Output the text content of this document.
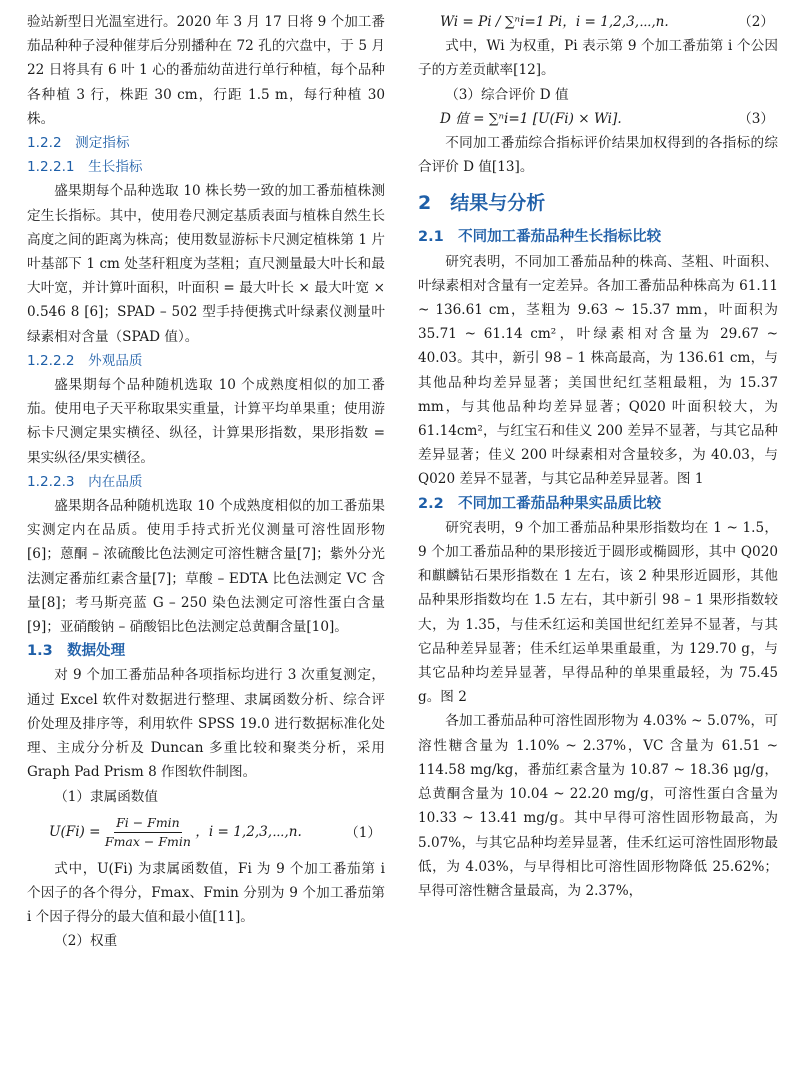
验站新型日光温室进行。2020 年 3 月 17 日将 9 个加工番茄品种种子浸种催芽后分别播种在 72 孔的穴盘中，于 5 月 22 日将具有 6 叶 1 心的番茄幼苗进行单行种植，每个品种各种植 3 行，株距 30 cm，行距 1.5 m，每行种植 30 株。

1.2.2　测定指标

1.2.2.1　生长指标

盛果期每个品种选取 10 株长势一致的加工番茄植株测定生长指标。其中，使用卷尺测定基质表面与植株自然生长高度之间的距离为株高；使用数显游标卡尺测定植株第 1 片叶基部下 1 cm 处茎秆粗度为茎粗；直尺测量最大叶长和最大叶宽，并计算叶面积，叶面积 = 最大叶长 × 最大叶宽 × 0.546 8 [6]；SPAD – 502 型手持便携式叶绿素仪测量叶绿素相对含量（SPAD 值）。

1.2.2.2　外观品质

盛果期每个品种随机选取 10 个成熟度相似的加工番茄。使用电子天平称取果实重量，计算平均单果重；使用游标卡尺测定果实横径、纵径，计算果形指数，果形指数 = 果实纵径/果实横径。

1.2.2.3　内在品质

盛果期各品种随机选取 10 个成熟度相似的加工番茄果实测定内在品质。使用手持式折光仪测量可溶性固形物[6]；蒽酮 – 浓硫酸比色法测定可溶性糖含量[7]；紫外分光法测定番茄红素含量[7]；草酸 – EDTA 比色法测定 VC 含量[8]；考马斯亮蓝 G – 250 染色法测定可溶性蛋白含量[9]；亚硝酸钠 – 硝酸铝比色法测定总黄酮含量[10]。

1.3　数据处理

对 9 个加工番茄品种各项指标均进行 3 次重复测定，通过 Excel 软件对数据进行整理、隶属函数分析、综合评价处理及排序等，利用软件 SPSS 19.0 进行数据标准化处理、主成分分析及 Duncan 多重比较和聚类分析，采用 Graph Pad Prism 8 作图软件制图。

（1）隶属函数值

$U(Fi) = \frac{Fi - Fmin}{Fmax - Fmin}$ ，i = 1,2,3,⋯,n.	（1）

式中，U(Fi) 为隶属函数值，Fi 为 9 个加工番茄第 i 个因子的各个得分，Fmax、Fmin 分别为 9 个加工番茄第 i 个因子得分的最大值和最小值[11]。

（2）权重

Wi = Pi / ∑ⁿi=1 Pi，i = 1,2,3,⋯,n.	（2）

式中，Wi 为权重，Pi 表示第 9 个加工番茄第 i 个公因子的方差贡献率[12]。

（3）综合评价 D 值

D 值 = ∑ⁿi=1 [U(Fi) × Wi].	（3）

不同加工番茄综合指标评价结果加权得到的各指标的综合评价 D 值[13]。

2　结果与分析

2.1　不同加工番茄品种生长指标比较

研究表明，不同加工番茄品种的株高、茎粗、叶面积、叶绿素相对含量有一定差异。各加工番茄品种株高为 61.11 ~ 136.61 cm，茎粗为 9.63 ~ 15.37 mm，叶面积为 35.71 ~ 61.14 cm²，叶绿素相对含量为 29.67 ~ 40.03。其中，新引 98 – 1 株高最高，为 136.61 cm，与其他品种均差异显著；美国世纪红茎粗最粗，为 15.37 mm，与其他品种均差异显著；Q020 叶面积较大，为 61.14cm²，与红宝石和佳义 200 差异不显著，与其它品种差异显著；佳义 200 叶绿素相对含量较多，为 40.03，与 Q020 差异不显著，与其它品种差异显著。图 1

2.2　不同加工番茄品种果实品质比较

研究表明，9 个加工番茄品种果形指数均在 1 ~ 1.5，9 个加工番茄品种的果形接近于圆形或椭圆形，其中 Q020 和麒麟钻石果形指数在 1 左右，该 2 种果形近圆形，其他品种果形指数均在 1.5 左右，其中新引 98 – 1 果形指数较大，为 1.35，与佳禾红运和美国世纪红差异不显著，与其它品种差异显著；佳禾红运单果重最重，为 129.70 g，与其它品种均差异显著，早得品种的单果重最轻，为 75.45 g。图 2

各加工番茄品种可溶性固形物为 4.03% ~ 5.07%，可溶性糖含量为 1.10% ~ 2.37%，VC 含量为 61.51 ~ 114.58 mg/kg，番茄红素含量为 10.87 ~ 18.36 μg/g，总黄酮含量为 10.04 ~ 22.20 mg/g，可溶性蛋白含量为 10.33 ~ 13.41 mg/g。其中早得可溶性固形物最高，为 5.07%，与其它品种均差异显著，佳禾红运可溶性固形物最低，为 4.03%，与早得相比可溶性固形物降低 25.62%；早得可溶性糖含量最高，为 2.37%，
